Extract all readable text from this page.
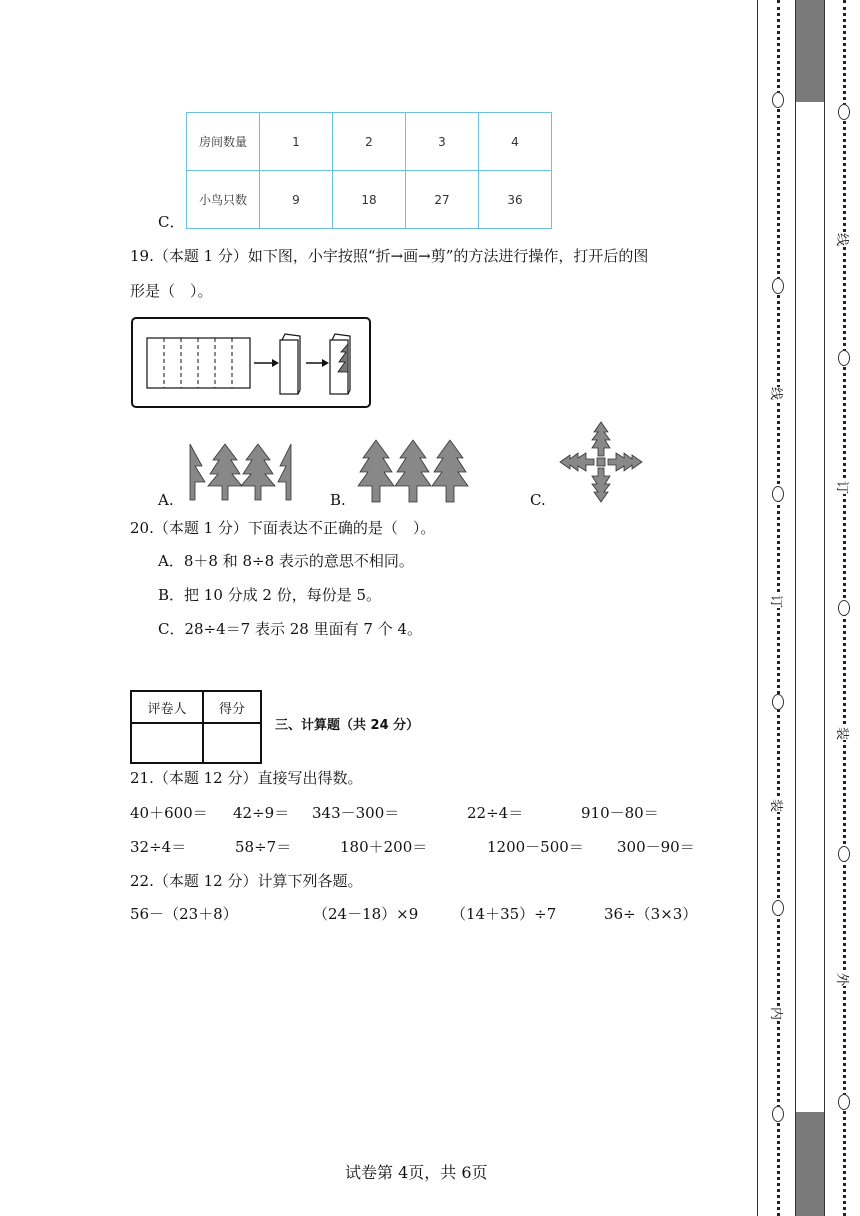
C．
房间数量	1	2	3	4
小鸟只数	9	18	27	36
19.（本题 1 分）如下图，小宇按照“折→画→剪”的方法进行操作，打开后的图
形是（　）。
A.	B.	C.
20.（本题 1 分）下面表达不正确的是（　）。
A．8＋8 和 8÷8 表示的意思不相同。
B．把 10 分成 2 份，每份是 5。
C．28÷4＝7 表示 28 里面有 7 个 4。
评卷人	得分

三、计算题（共 24 分）
21.（本题 12 分）直接写出得数。
40＋600＝ 42÷9＝ 343－300＝	22÷4＝	910－80＝
32÷4＝	58÷7＝	180＋200＝	1200－500＝ 300－90＝
22.（本题 12 分）计算下列各题。
56－（23＋8）	（24－18）×9 （14＋35）÷7	36÷（3×3）
试卷第 4页，共 6页
线
订
装
内
线
订
装
外
